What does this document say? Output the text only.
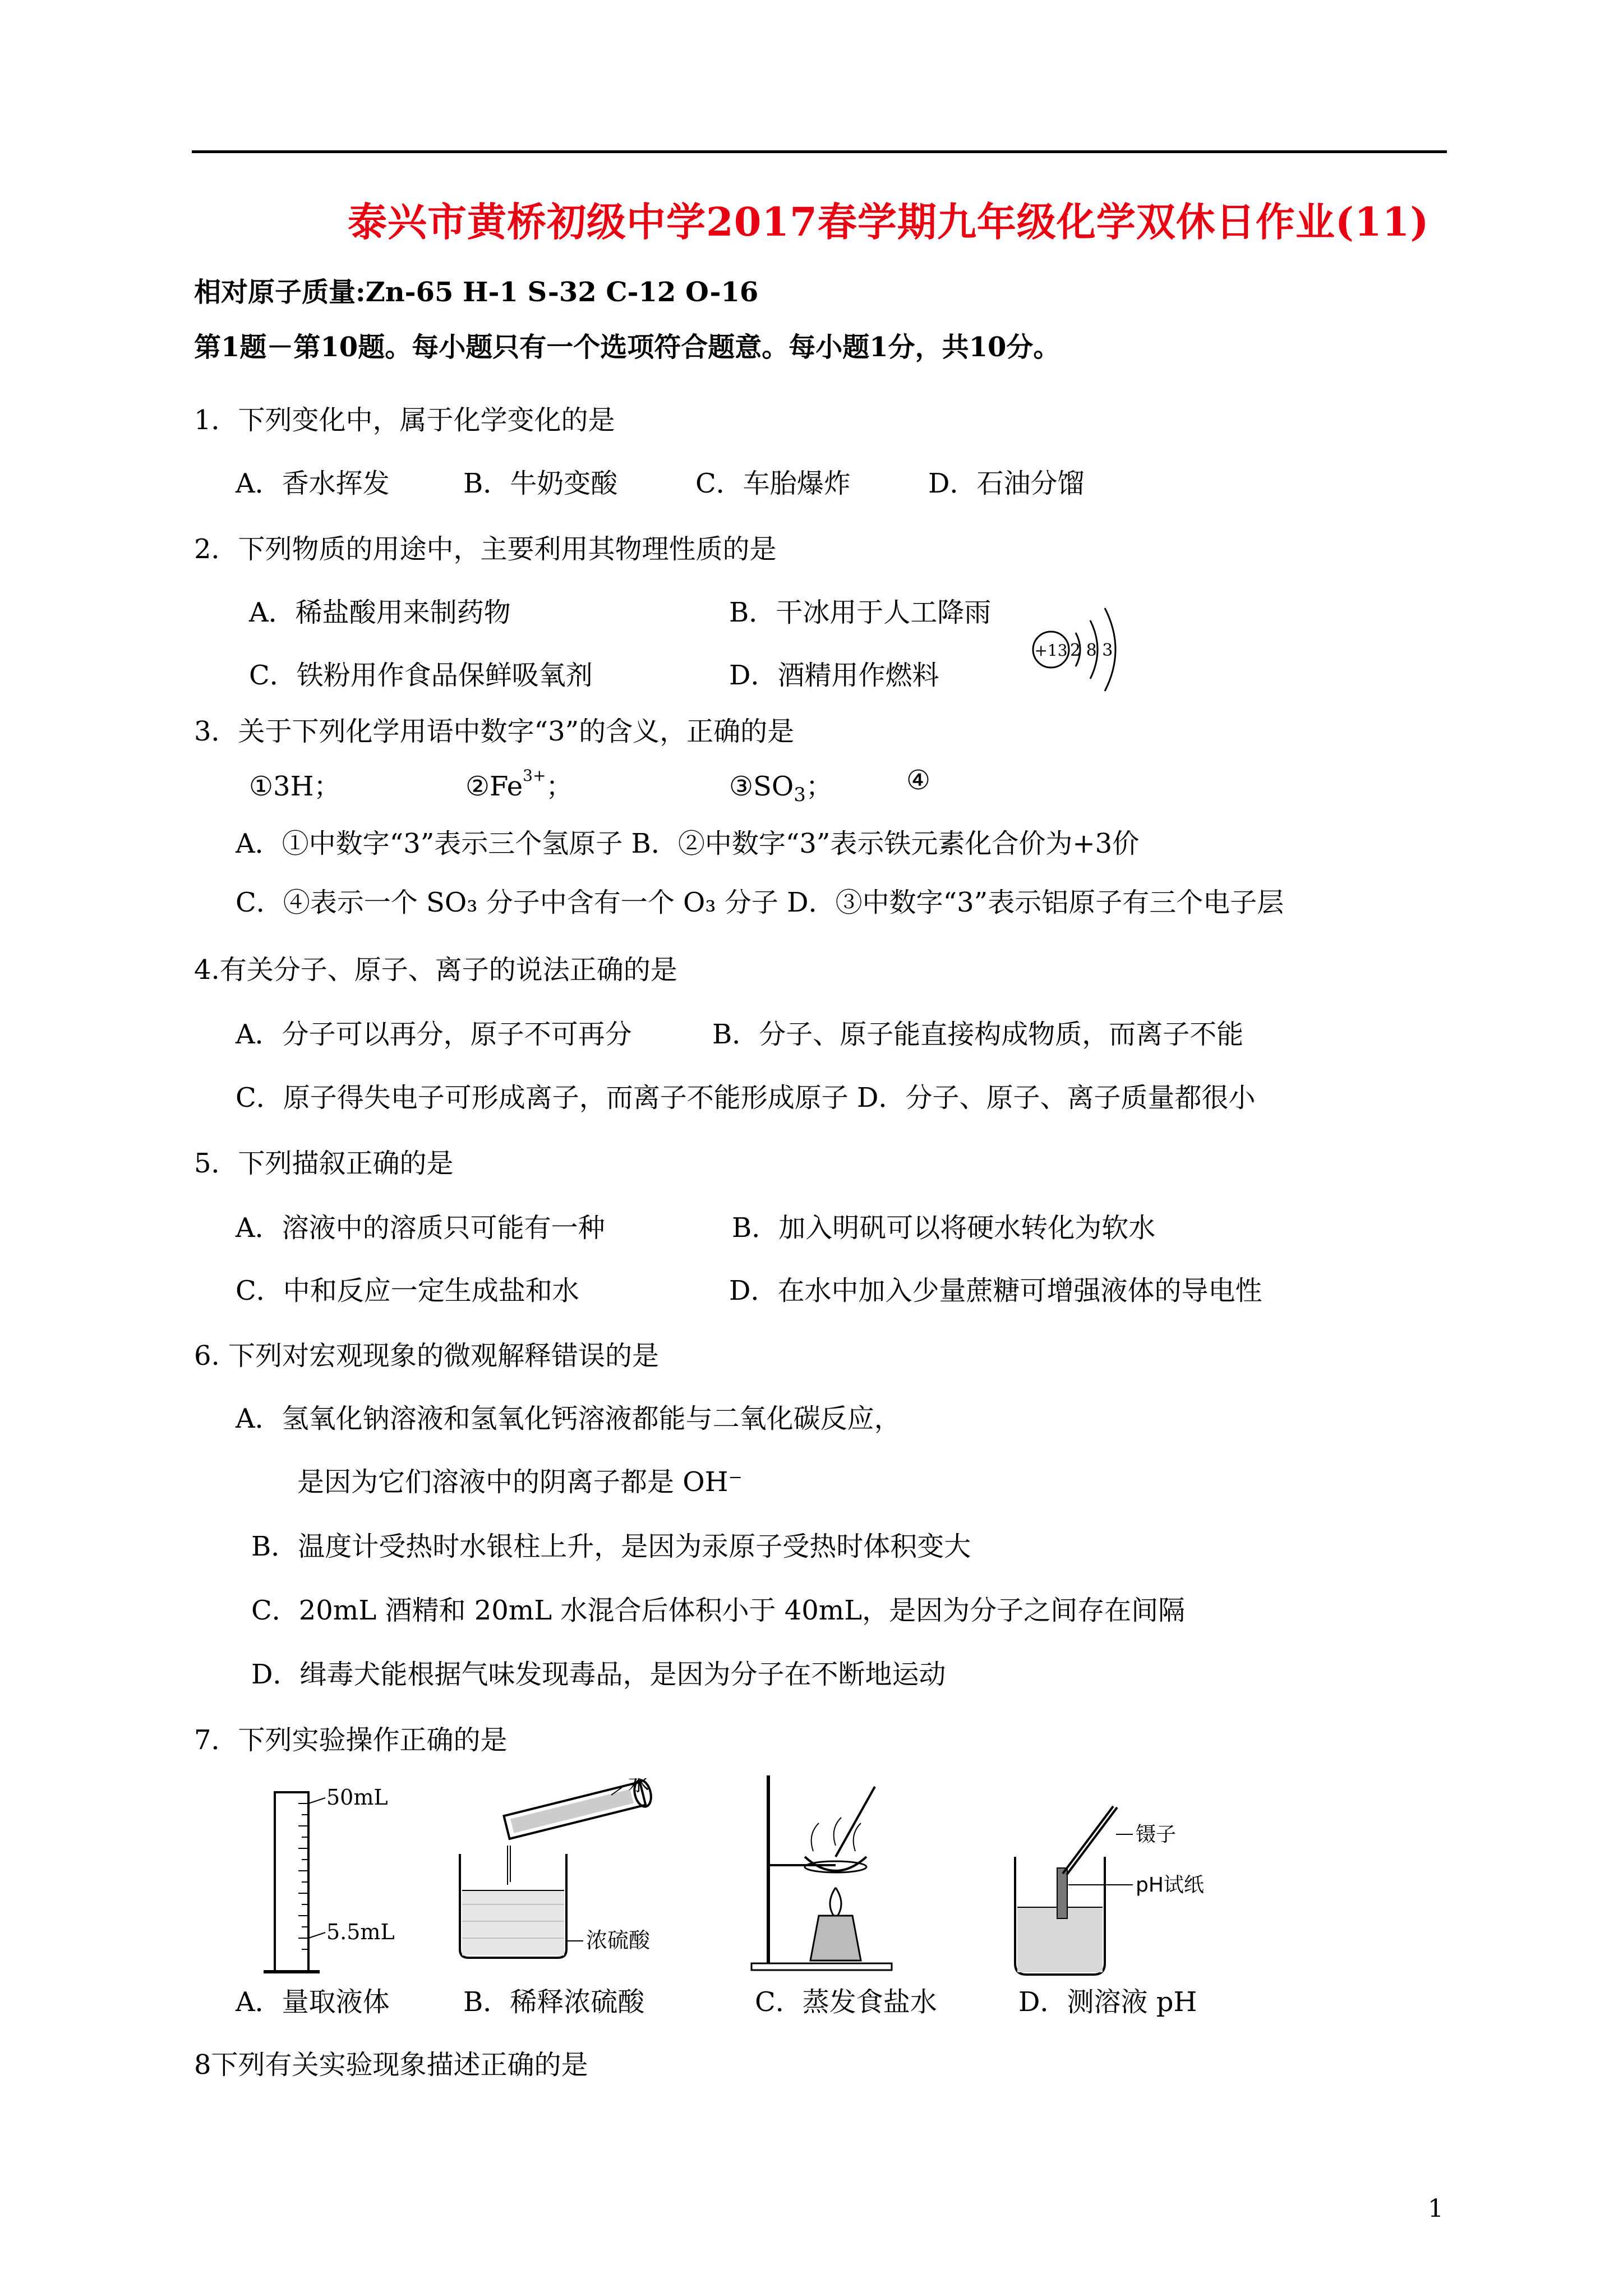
泰兴市黄桥初级中学2017春学期九年级化学双休日作业(11)
相对原子质量:Zn-65 H-1 S-32 C-12 O-16
第1题－第10题。每小题只有一个选项符合题意。每小题1分，共10分。
1．下列变化中，属于化学变化的是
A．香水挥发	B．牛奶变酸	C．车胎爆炸	D．石油分馏
2．下列物质的用途中，主要利用其物理性质的是
A．稀盐酸用来制药物	B．干冰用于人工降雨
C．铁粉用作食品保鲜吸氧剂	D．酒精用作燃料
+13 2 8 3
3．关于下列化学用语中数字“3”的含义，正确的是
①3H；	$②Fe^{3+}$；	$③SO_3$；	④
A．①中数字“3”表示三个氢原子 B．②中数字“3”表示铁元素化合价为+3价
C．④表示一个 SO₃ 分子中含有一个 O₃ 分子 D．③中数字“3”表示铝原子有三个电子层
4.有关分子、原子、离子的说法正确的是
A．分子可以再分，原子不可再分	B．分子、原子能直接构成物质，而离子不能
C．原子得失电子可形成离子，而离子不能形成原子 D．分子、原子、离子质量都很小
5．下列描叙正确的是
A．溶液中的溶质只可能有一种	B．加入明矾可以将硬水转化为软水
C．中和反应一定生成盐和水	D．在水中加入少量蔗糖可增强液体的导电性
6. 下列对宏观现象的微观解释错误的是
A．氢氧化钠溶液和氢氧化钙溶液都能与二氧化碳反应，
是因为它们溶液中的阴离子都是 OH⁻
B．温度计受热时水银柱上升，是因为汞原子受热时体积变大
C．20mL 酒精和 20mL 水混合后体积小于 40mL，是因为分子之间存在间隔
D．缉毒犬能根据气味发现毒品，是因为分子在不断地运动
7．下列实验操作正确的是
50mL
5.5mL
水
浓硫酸
镊子
pH试纸
A．量取液体	B．稀释浓硫酸	C．蒸发食盐水	D．测溶液 pH
8下列有关实验现象描述正确的是
1
